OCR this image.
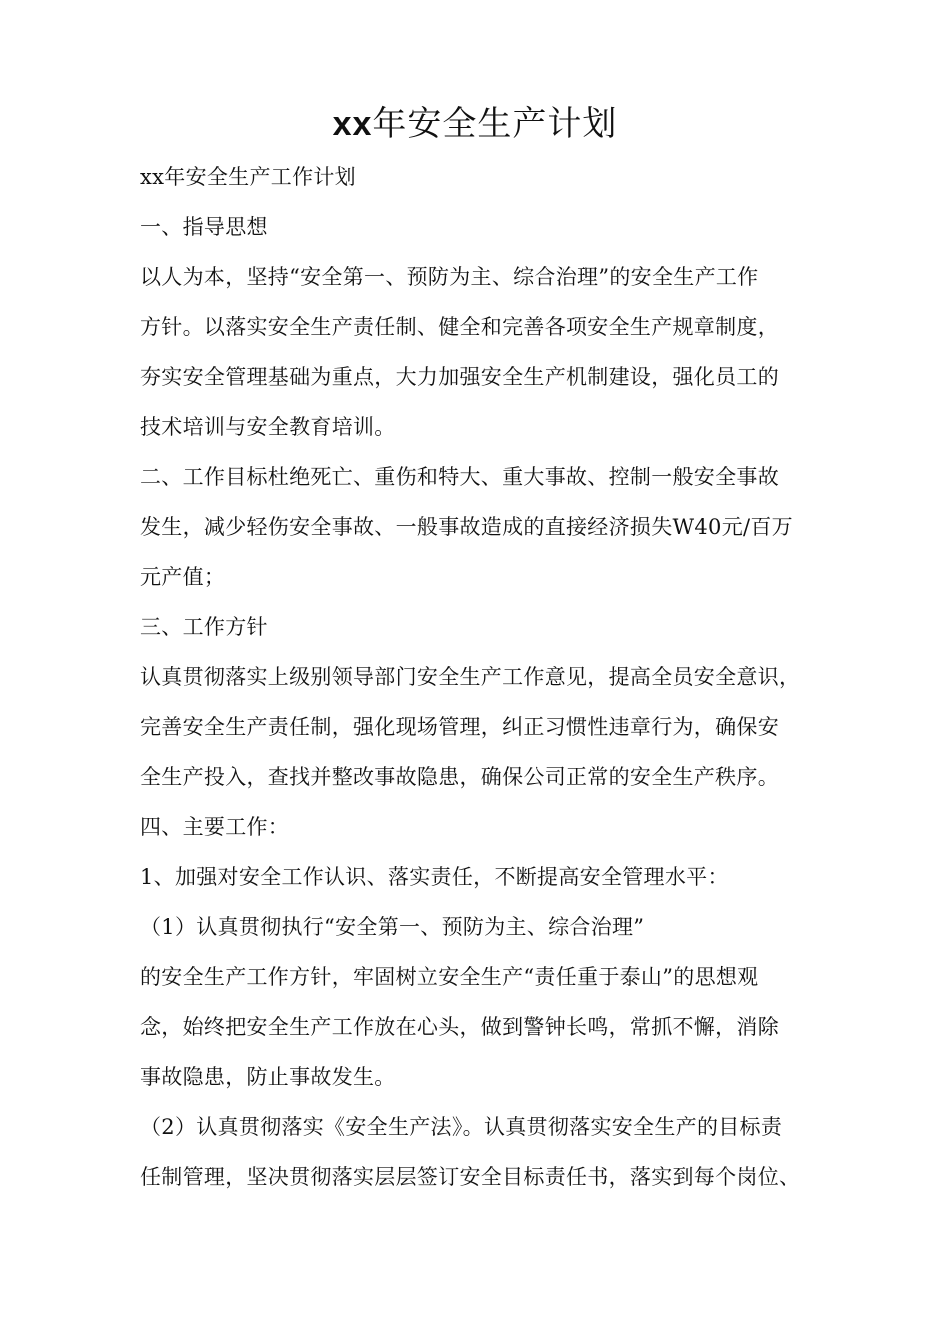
xx年安全生产计划
xx年安全生产工作计划
一、指导思想
以人为本，坚持“安全第一、预防为主、综合治理”的安全生产工作
方针。以落实安全生产责任制、健全和完善各项安全生产规章制度，
夯实安全管理基础为重点，大力加强安全生产机制建设，强化员工的
技术培训与安全教育培训。
二、工作目标杜绝死亡、重伤和特大、重大事故、控制一般安全事故
发生，减少轻伤安全事故、一般事故造成的直接经济损失W40元/百万
元产值；
三、工作方针
认真贯彻落实上级别领导部门安全生产工作意见，提高全员安全意识，
完善安全生产责任制，强化现场管理，纠正习惯性违章行为，确保安
全生产投入，查找并整改事故隐患，确保公司正常的安全生产秩序。
四、主要工作：
1、加强对安全工作认识、落实责任，不断提高安全管理水平：
（1）认真贯彻执行“安全第一、预防为主、综合治理”
的安全生产工作方针，牢固树立安全生产“责任重于泰山”的思想观
念，始终把安全生产工作放在心头，做到警钟长鸣，常抓不懈，消除
事故隐患，防止事故发生。
（2）认真贯彻落实《安全生产法》。认真贯彻落实安全生产的目标责
任制管理，坚决贯彻落实层层签订安全目标责任书，落实到每个岗位、
